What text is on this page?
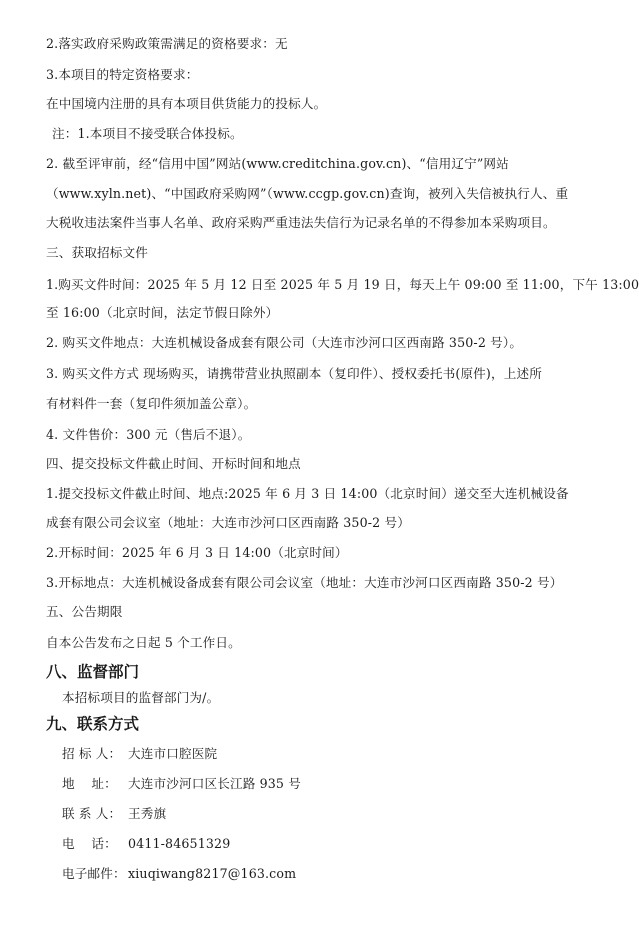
2.落实政府采购政策需满足的资格要求：无

3.本项目的特定资格要求：

在中国境内注册的具有本项目供货能力的投标人。

注：1.本项目不接受联合体投标。

2. 截至评审前，经“信用中国”网站(www.creditchina.gov.cn)、“信用辽宁”网站

（www.xyln.net)、“中国政府采购网”（www.ccgp.gov.cn)查询，被列入失信被执行人、重

大税收违法案件当事人名单、政府采购严重违法失信行为记录名单的不得参加本采购项目。

三、获取招标文件

1.购买文件时间：2025 年 5 月 12 日至 2025 年 5 月 19 日，每天上午 09:00 至 11:00，下午 13:00

至 16:00（北京时间，法定节假日除外）

2. 购买文件地点：大连机械设备成套有限公司（大连市沙河口区西南路 350-2 号）。

3. 购买文件方式 现场购买，请携带营业执照副本（复印件）、授权委托书(原件)，上述所

有材料件一套（复印件须加盖公章）。

4. 文件售价：300 元（售后不退）。

四、提交投标文件截止时间、开标时间和地点

1.提交投标文件截止时间、地点:2025 年 6 月 3 日 14:00（北京时间）递交至大连机械设备

成套有限公司会议室（地址：大连市沙河口区西南路 350-2 号）

2.开标时间：2025 年 6 月 3 日 14:00（北京时间）

3.开标地点：大连机械设备成套有限公司会议室（地址：大连市沙河口区西南路 350-2 号）

五、公告期限

自本公告发布之日起 5 个工作日。

八、监督部门

本招标项目的监督部门为/。

九、联系方式

招 标 人： 大连市口腔医院

地    址： 大连市沙河口区长江路 935 号

联 系 人： 王秀旗

电    话： 0411-84651329

电子邮件： xiuqiwang8217@163.com
